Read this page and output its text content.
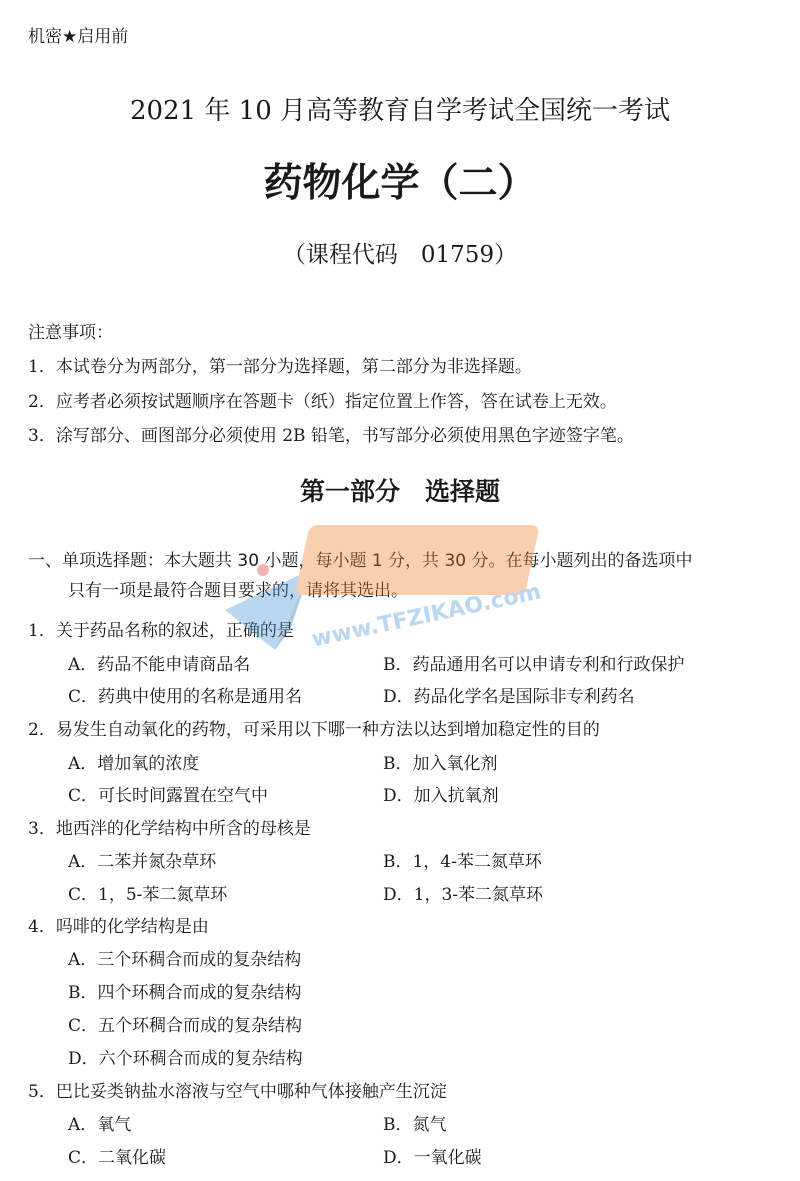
机密★启用前
2021 年 10 月高等教育自学考试全国统一考试
药物化学（二）
（课程代码　01759）
注意事项：
1．本试卷分为两部分，第一部分为选择题，第二部分为非选择题。
2．应考者必须按试题顺序在答题卡（纸）指定位置上作答，答在试卷上无效。
3．涂写部分、画图部分必须使用 2B 铅笔，书写部分必须使用黑色字迹签字笔。
第一部分　选择题
一、单项选择题：本大题共 30 小题，每小题 1 分，共 30 分。在每小题列出的备选项中
只有一项是最符合题目要求的，请将其选出。
1．关于药品名称的叙述，正确的是
A．药品不能申请商品名	B．药品通用名可以申请专利和行政保护
C．药典中使用的名称是通用名	D．药品化学名是国际非专利药名
2．易发生自动氧化的药物，可采用以下哪一种方法以达到增加稳定性的目的
A．增加氧的浓度	B．加入氧化剂
C．可长时间露置在空气中	D．加入抗氧剂
3．地西泮的化学结构中所含的母核是
A．二苯并氮杂草环	B．1，4-苯二氮草环
C．1，5-苯二氮草环	D．1，3-苯二氮草环
4．吗啡的化学结构是由
A．三个环稠合而成的复杂结构
B．四个环稠合而成的复杂结构
C．五个环稠合而成的复杂结构
D．六个环稠合而成的复杂结构
5．巴比妥类钠盐水溶液与空气中哪种气体接触产生沉淀
A．氧气	B．氮气
C．二氧化碳	D．一氧化碳
www.TFZIKAO.com
